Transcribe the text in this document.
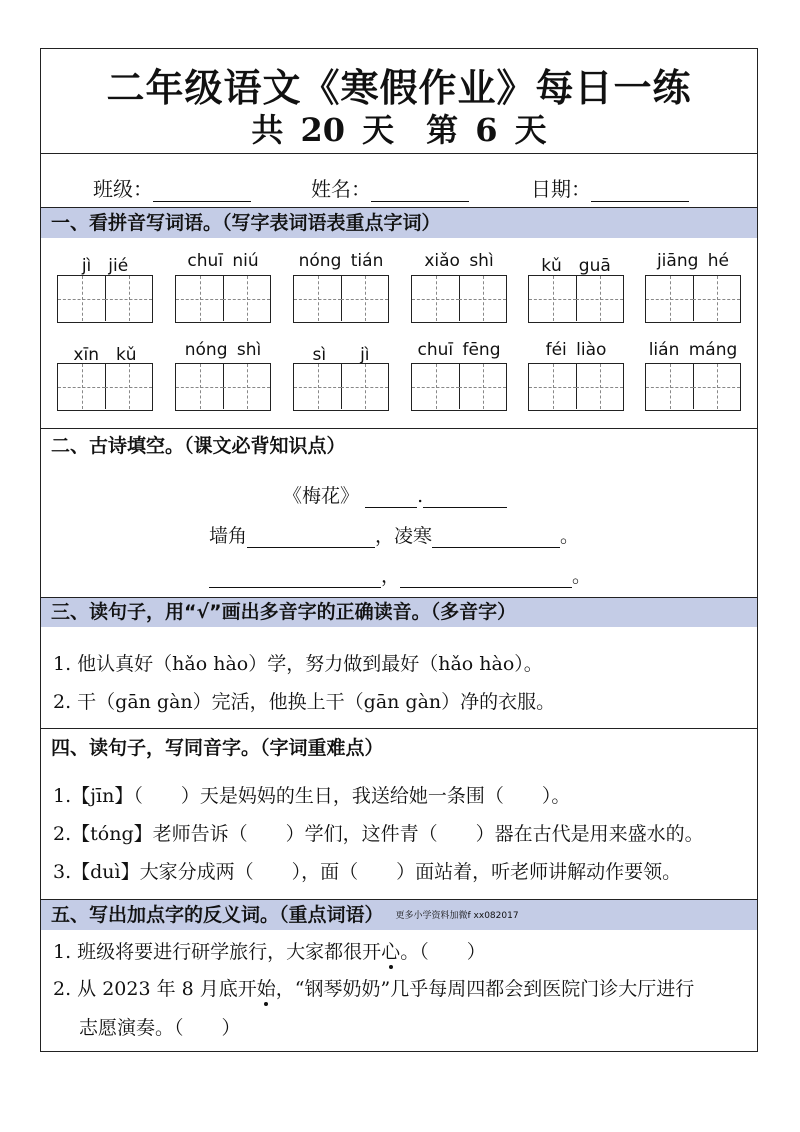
二年级语文《寒假作业》每日一练
共 20 天　第 6 天
班级：	姓名：	日期：
一、看拼音写词语。（写字表词语表重点字词）
jì　jié	chuī niú	nóng tián	xiǎo shì	kǔ　guā	jiāng hé
xīn　kǔ	nóng shì	sì　　jì	chuī fēng	féi liào	lián máng
二、古诗填空。（课文必背知识点）
《梅花》	.
墙角	，凌寒	。
，	。
三、读句子，用“√”画出多音字的正确读音。（多音字）
1. 他认真好（hǎo hào）学，努力做到最好（hǎo hào）。
2. 干（gān gàn）完活，他换上干（gān gàn）净的衣服。
四、读句子，写同音字。（字词重难点）
1.【jīn】（　　）天是妈妈的生日，我送给她一条围（　　）。
2.【tóng】老师告诉（　　）学们，这件青（　　）器在古代是用来盛水的。
3.【duì】大家分成两（　　），面（　　）面站着，听老师讲解动作要领。
五、写出加点字的反义词。（重点词语） 更多小学资料加微f xx082017
1. 班级将要进行研学旅行，大家都很开心。（　　）
2. 从 2023 年 8 月底开始，“钢琴奶奶”几乎每周四都会到医院门诊大厅进行
志愿演奏。（　　）
